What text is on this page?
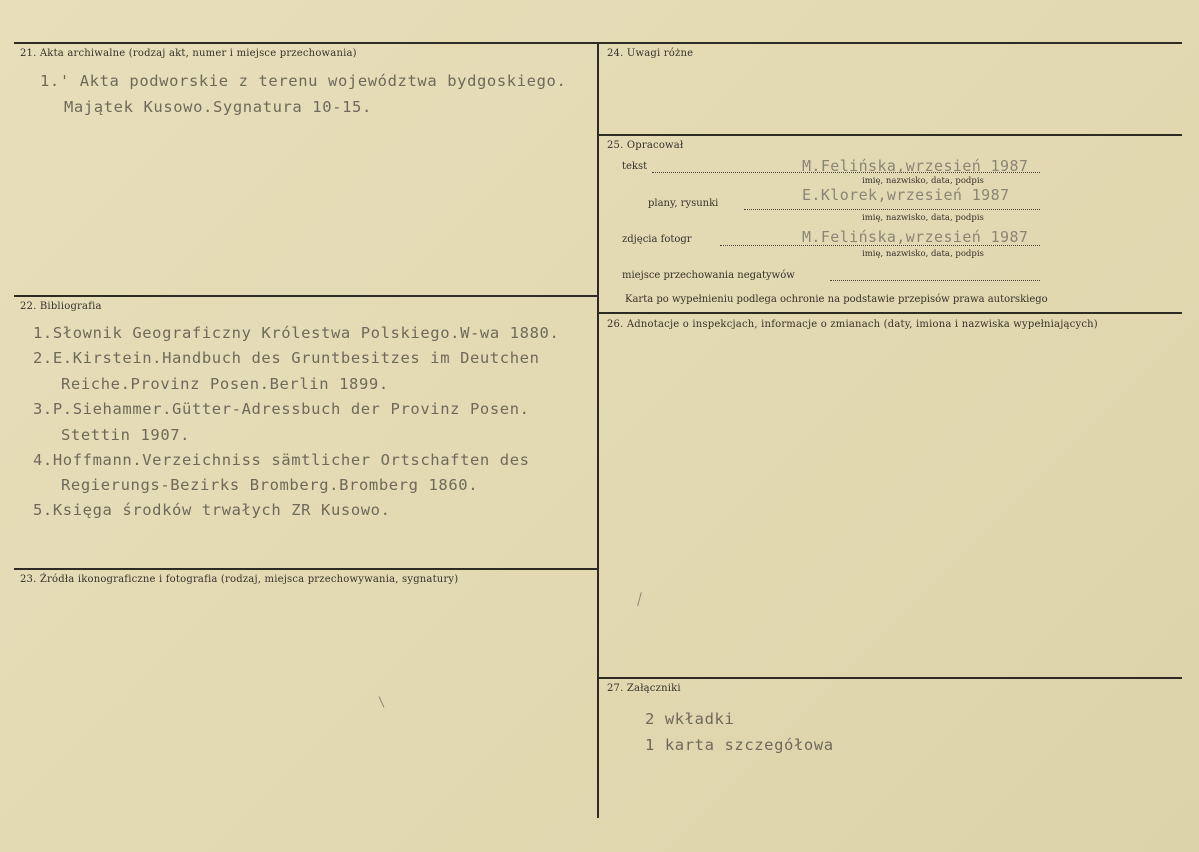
21. Akta archiwalne (rodzaj akt, numer i miejsce przechowania)
1.' Akta podworskie z terenu województwa bydgoskiego.
Majątek Kusowo.Sygnatura 10-15.
22. Bibliografia
1.Słownik Geograficzny Królestwa Polskiego.W-wa 1880.
2.E.Kirstein.Handbuch des Gruntbesitzes im Deutchen
Reiche.Provinz Posen.Berlin 1899.
3.P.Siehammer.Gütter-Adressbuch der Provinz Posen.
Stettin 1907.
4.Hoffmann.Verzeichniss sämtlicher Ortschaften des
Regierungs-Bezirks Bromberg.Bromberg 1860.
5.Księga środków trwałych ZR Kusowo.
23. Źródła ikonograficzne i fotografia (rodzaj, miejsca przechowywania, sygnatury)
24. Uwagi różne
25. Opracował
tekst	M.Felińska,wrzesień 1987
imię, nazwisko, data, podpis
plany, rysunki	E.Klorek,wrzesień 1987
imię, nazwisko, data, podpis
zdjęcia fotogr	M.Felińska,wrzesień 1987
imię, nazwisko, data, podpis
miejsce przechowania negatywów
Karta po wypełnieniu podlega ochronie na podstawie przepisów prawa autorskiego
26. Adnotacje o inspekcjach, informacje o zmianach (daty, imiona i nazwiska wypełniających)
27. Załączniki
2 wkładki
1 karta szczegółowa
